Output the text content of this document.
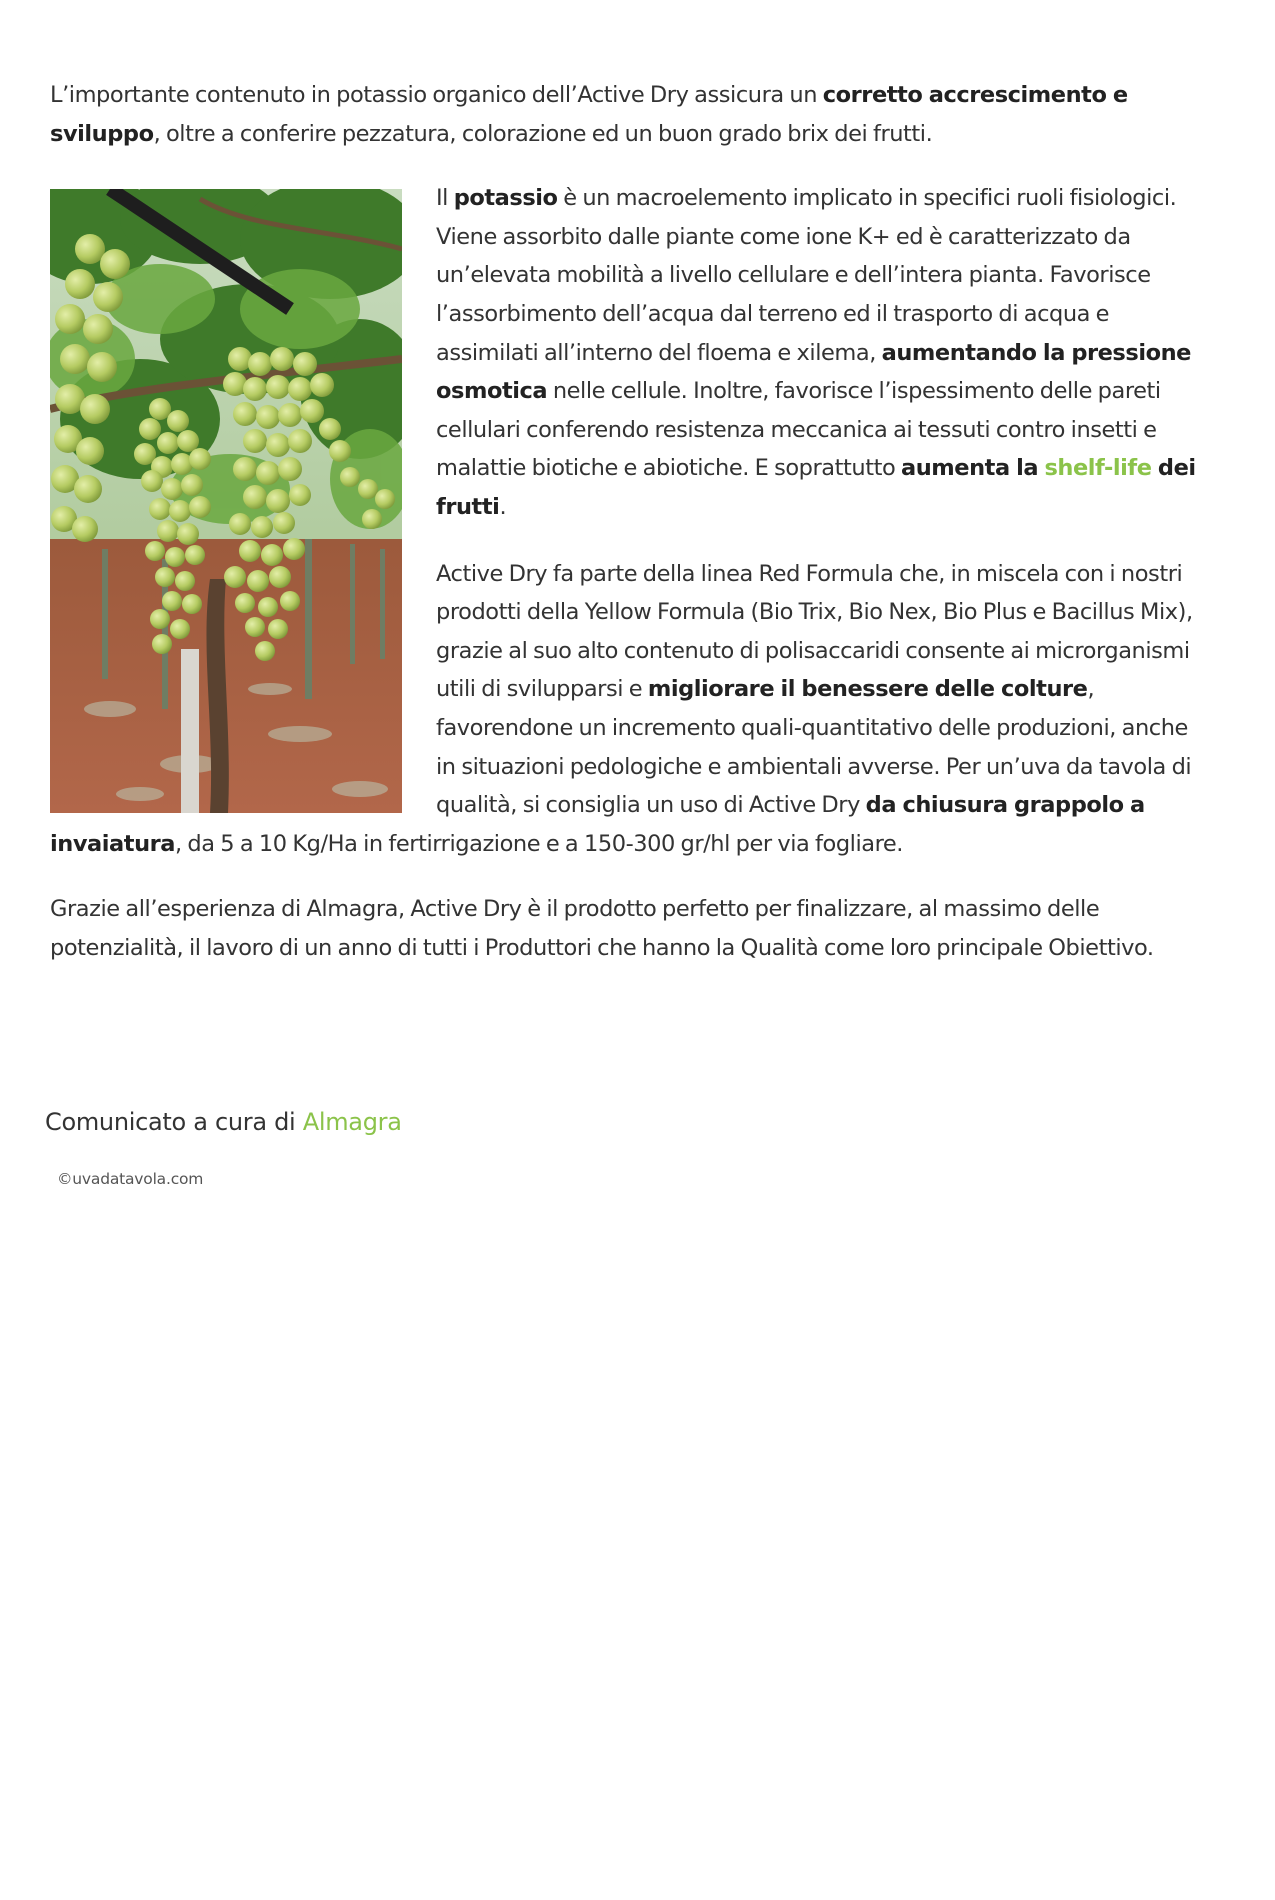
L’importante contenuto in potassio organico dell’Active Dry assicura un corretto accrescimento e sviluppo, oltre a conferire pezzatura, colorazione ed un buon grado brix dei frutti.

Il potassio è un macroelemento implicato in specifici ruoli fisiologici. Viene assorbito dalle piante come ione K+ ed è caratterizzato da un’elevata mobilità a livello cellulare e dell’intera pianta. Favorisce l’assorbimento dell’acqua dal terreno ed il trasporto di acqua e assimilati all’interno del floema e xilema, aumentando la pressione osmotica nelle cellule. Inoltre, favorisce l’ispessimento delle pareti cellulari conferendo resistenza meccanica ai tessuti contro insetti e malattie biotiche e abiotiche. E soprattutto aumenta la shelf-life dei frutti.

Active Dry fa parte della linea Red Formula che, in miscela con i nostri prodotti della Yellow Formula (Bio Trix, Bio Nex, Bio Plus e Bacillus Mix), grazie al suo alto contenuto di polisaccaridi consente ai microrganismi utili di svilupparsi e migliorare il benessere delle colture, favorendone un incremento quali-quantitativo delle produzioni, anche in situazioni pedologiche e ambientali avverse. Per un’uva da tavola di qualità, si consiglia un uso di Active Dry da chiusura grappolo a invaiatura, da 5 a 10 Kg/Ha in fertirrigazione e a 150-300 gr/hl per via fogliare.

Grazie all’esperienza di Almagra, Active Dry è il prodotto perfetto per finalizzare, al massimo delle potenzialità, il lavoro di un anno di tutti i Produttori che hanno la Qualità come loro principale Obiettivo.

Comunicato a cura di Almagra
©uvadatavola.com
